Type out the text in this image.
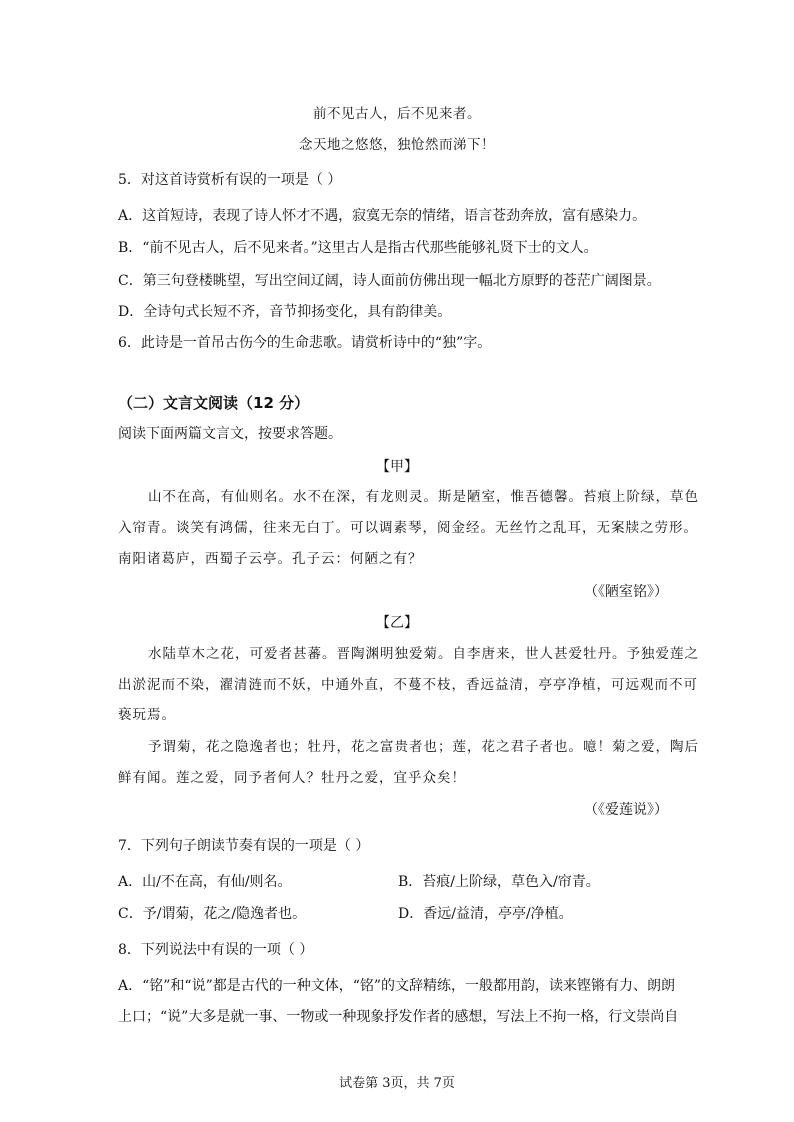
前不见古人，后不见来者。
念天地之悠悠，独怆然而涕下！
5．对这首诗赏析有误的一项是（ ）
A．这首短诗，表现了诗人怀才不遇，寂寞无奈的情绪，语言苍劲奔放，富有感染力。
B．“前不见古人，后不见来者。”这里古人是指古代那些能够礼贤下士的文人。
C．第三句登楼眺望，写出空间辽阔，诗人面前仿佛出现一幅北方原野的苍茫广阔图景。
D．全诗句式长短不齐，音节抑扬变化，具有韵律美。
6．此诗是一首吊古伤今的生命悲歌。请赏析诗中的“独”字。
（二）文言文阅读（12 分）
阅读下面两篇文言文，按要求答题。
【甲】
山不在高，有仙则名。水不在深，有龙则灵。斯是陋室，惟吾德馨。苔痕上阶绿，草色
入帘青。谈笑有鸿儒，往来无白丁。可以调素琴，阅金经。无丝竹之乱耳，无案牍之劳形。
南阳诸葛庐，西蜀子云亭。孔子云：何陋之有？
（《陋室铭》）
【乙】
水陆草木之花，可爱者甚蕃。晋陶渊明独爱菊。自李唐来，世人甚爱牡丹。予独爱莲之
出淤泥而不染，濯清涟而不妖，中通外直，不蔓不枝，香远益清，亭亭净植，可远观而不可
亵玩焉。
予谓菊，花之隐逸者也；牡丹，花之富贵者也；莲，花之君子者也。噫！菊之爱，陶后
鲜有闻。莲之爱，同予者何人？牡丹之爱，宜乎众矣！
（《爱莲说》）
7．下列句子朗读节奏有误的一项是（ ）
A．山/不在高，有仙/则名。	B．苔痕/上阶绿，草色入/帘青。
C．予/谓菊，花之/隐逸者也。	D．香远/益清，亭亭/净植。
8．下列说法中有误的一项（ ）
A．“铭”和“说”都是古代的一种文体，“铭”的文辞精练，一般都用韵，读来铿锵有力、朗朗
上口；“说”大多是就一事、一物或一种现象抒发作者的感想，写法上不拘一格，行文崇尚自
试卷第 3页，共 7页
